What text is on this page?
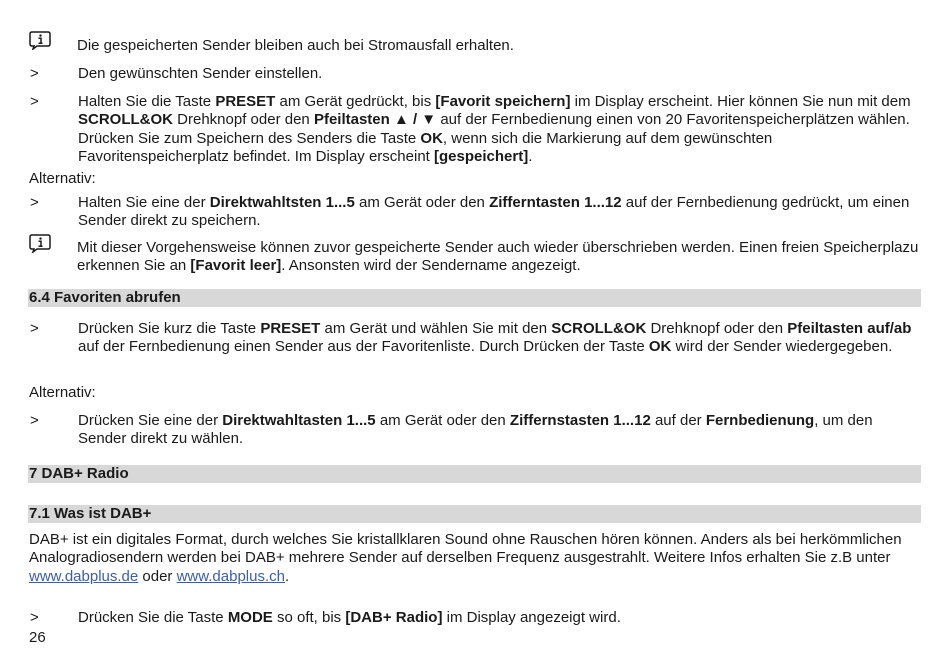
Die gespeicherten Sender bleiben auch bei Stromausfall erhalten.
>	Den gewünschten Sender einstellen.
>	Halten Sie die Taste PRESET am Gerät gedrückt, bis [Favorit speichern] im Display erscheint. Hier können Sie nun mit dem SCROLL&OK Drehknopf oder den Pfeiltasten ▲ / ▼ auf der Fernbedienung einen von 20 Favoritenspeicherplätzen wählen. Drücken Sie zum Speichern des Senders die Taste OK, wenn sich die Markierung auf dem gewünschten Favoritenspeicherplatz befindet. Im Display erscheint [gespeichert].
Alternativ:
>	Halten Sie eine der Direktwahltsten 1...5 am Gerät oder den Zifferntasten 1...12 auf der Fernbedienung gedrückt, um einen Sender direkt zu speichern.
Mit dieser Vorgehensweise können zuvor gespeicherte Sender auch wieder überschrieben werden. Einen freien Speicherplazu erkennen Sie an [Favorit leer]. Ansonsten wird der Sendername angezeigt.
6.4 Favoriten abrufen
>	Drücken Sie kurz die Taste PRESET am Gerät und wählen Sie mit den SCROLL&OK Drehknopf oder den Pfeiltasten auf/ab auf der Fernbedienung einen Sender aus der Favoritenliste. Durch Drücken der Taste OK wird der Sender wiedergegeben.
Alternativ:
>	Drücken Sie eine der Direktwahltasten 1...5 am Gerät oder den Ziffernstasten 1...12 auf der Fernbedienung, um den Sender direkt zu wählen.
7 DAB+ Radio
7.1 Was ist DAB+
DAB+ ist ein digitales Format, durch welches Sie kristallklaren Sound ohne Rauschen hören können. Anders als bei herkömmlichen Analogradiosendern werden bei DAB+ mehrere Sender auf derselben Frequenz ausgestrahlt. Weitere Infos erhalten Sie z.B unter www.dabplus.de oder www.dabplus.ch.
>	Drücken Sie die Taste MODE so oft, bis [DAB+ Radio] im Display angezeigt wird.
26
